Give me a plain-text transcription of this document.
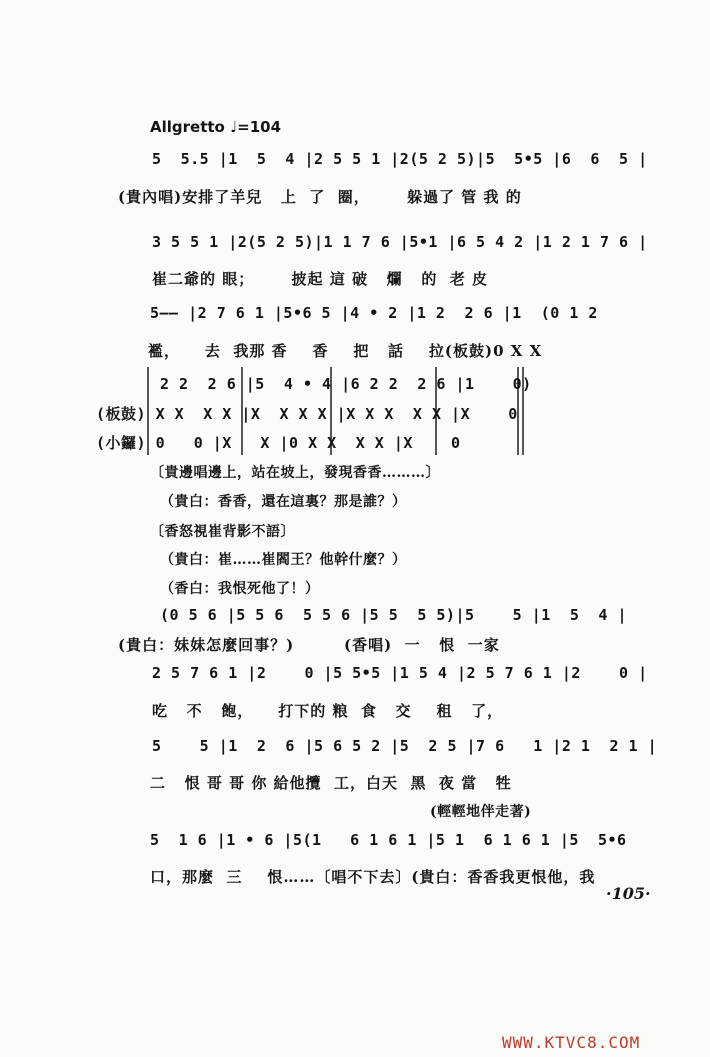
Allgretto ♩=104
5  5.5 |1  5  4 |2 5 5 1 |2(5 2 5)|5  5•5 |6  6  5 |
(貴內唱)安排了羊兒   上  了  圈，      躲過了 管 我 的
3 5 5 1 |2(5 2 5)|1 1 7 6 |5•1 |6 5 4 2 |1 2 1 7 6 |
崔二爺的 眼；      披起 這 破   爛   的  老 皮
5—— |2 7 6 1 |5•6 5 |4 • 2 |1 2  2 6 |1  (0 1 2
襤，    去  我那 香    香    把   話    拉(板鼓)0 X X
2 2  2 6 |5  4 • 4 |6 2 2  2 6 |1    0)
(板鼓) X X  X X |X  X X X |X X X  X X |X    0
(小鑼) 0   0 |X   X |0 X X  X X |X    0
〔貴邊唱邊上，站在坡上，發現香香………〕
（貴白：香香，還在這裏？那是誰？）
〔香怒視崔背影不語〕
（貴白：崔……崔閻王？他幹什麼？）
（香白：我恨死他了！）
(0 5 6 |5 5 6  5 5 6 |5 5  5 5)|5    5 |1  5  4 |
(貴白：妹妹怎麼回事？)        (香唱)  一   恨  一家
2 5 7 6 1 |2    0 |5 5•5 |1 5 4 |2 5 7 6 1 |2    0 |
吃   不   飽，    打下的 粮  食   交    租   了，
5    5 |1  2  6 |5 6 5 2 |5  2 5 |7 6   1 |2 1  2 1 |
二   恨 哥 哥 你 給他攬  工，白天  黑  夜 當   牲
(輕輕地伴走著)
5  1 6 |1 • 6 |5(1   6 1 6 1 |5 1  6 1 6 1 |5  5•6
口，那麼  三    恨……〔唱不下去〕(貴白：香香我更恨他，我
·105·
WWW.KTVC8.COM
